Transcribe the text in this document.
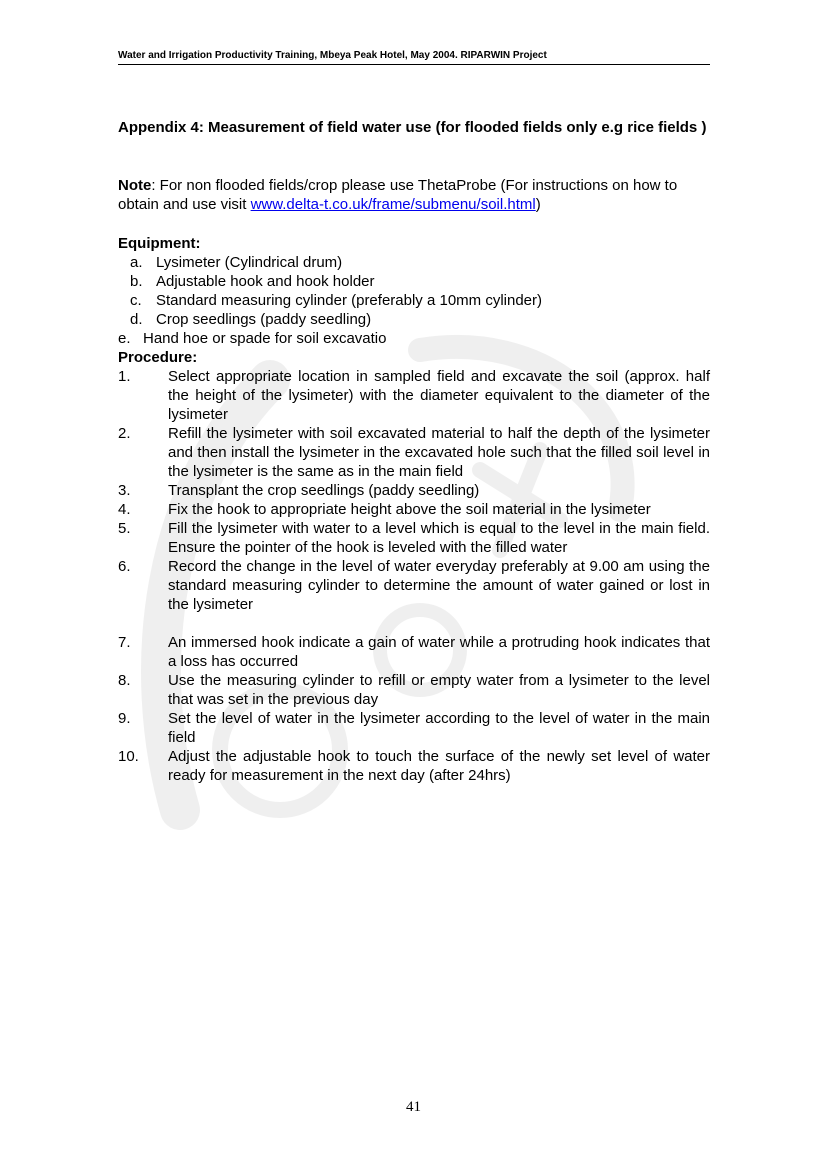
Water and Irrigation Productivity Training, Mbeya Peak Hotel, May 2004. RIPARWIN Project
Appendix 4: Measurement of field water use (for flooded fields only e.g rice fields )
Note: For non flooded fields/crop please use ThetaProbe (For instructions on how to obtain and use visit www.delta-t.co.uk/frame/submenu/soil.html)
Equipment:
a. Lysimeter (Cylindrical drum)
b. Adjustable hook and hook holder
c. Standard measuring cylinder (preferably a 10mm cylinder)
d. Crop seedlings (paddy seedling)
e. Hand hoe or spade for soil excavatio
Procedure:
1. Select appropriate location in sampled field and excavate the soil (approx. half the height of the lysimeter) with the diameter equivalent to the diameter of the lysimeter
2. Refill the lysimeter with soil excavated material to half the depth of the lysimeter and then install the lysimeter in the excavated hole such that the filled soil level in the lysimeter is the same as in the main field
3. Transplant the crop seedlings (paddy seedling)
4. Fix the hook to appropriate height above the soil material in the lysimeter
5. Fill the lysimeter with water to a level which is equal to the level in the main field. Ensure the pointer of the hook is leveled with the filled water
6. Record the change in the level of water everyday preferably at 9.00 am using the standard measuring cylinder to determine the amount of water gained or lost in the lysimeter
7. An immersed hook indicate a gain of water while a protruding hook indicates that a loss has occurred
8. Use the measuring cylinder to refill or empty water from a lysimeter to the level that was set in the previous day
9. Set the level of water in the lysimeter according to the level of water in the main field
10. Adjust the adjustable hook to touch the surface of the newly set level of water ready for measurement in the next day (after 24hrs)
41
